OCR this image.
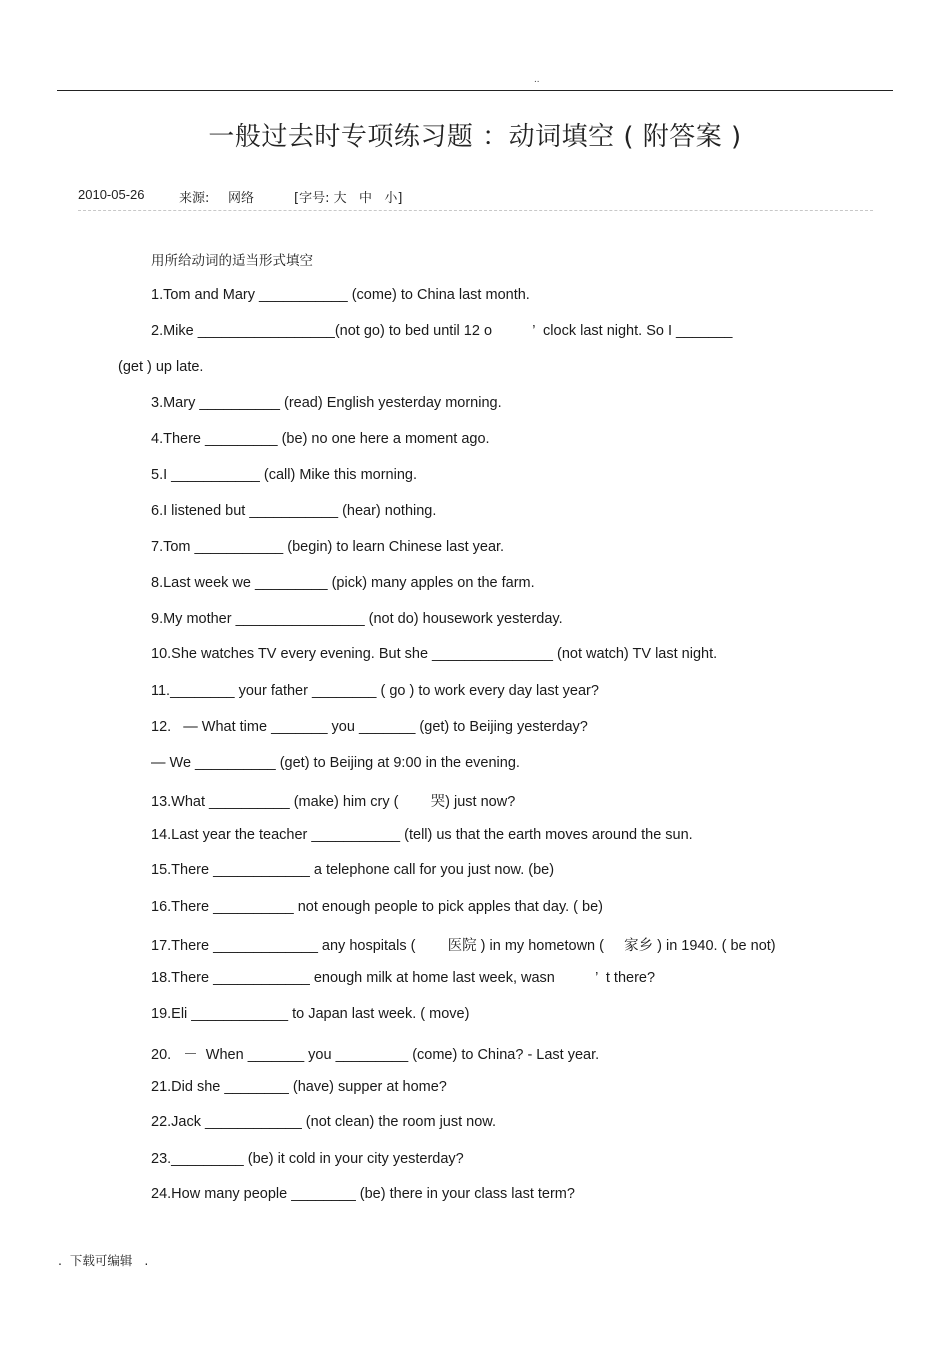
..
一般过去时专项练习题 ：动词填空 ( 附答案 )
2010-05-26	来源: 网络	[字号: 大   中   小]
用所给动词的适当形式填空
1.Tom and Mary ___________ (come) to China last month.
2.Mike _________________(not go) to bed until 12 o          ’  clock last night. So I _______
(get ) up late.
3.Mary __________ (read) English yesterday morning.
4.There _________ (be) no one here a moment ago.
5.I ___________ (call) Mike this morning.
6.I listened but ___________ (hear) nothing.
7.Tom ___________ (begin) to learn Chinese last year.
8.Last week we _________ (pick) many apples on the farm.
9.My mother ________________ (not do) housework yesterday.
10.She watches TV every evening. But she _______________ (not watch) TV last night.
11.________ your father ________ ( go ) to work every day last year?
12.   — What time _______ you _______ (get) to Beijing yesterday?
— We __________ (get) to Beijing at 9:00 in the evening.
13.What __________ (make) him cry (        哭) just now?
14.Last year the teacher ___________ (tell) us that the earth moves around the sun.
15.There ____________ a telephone call for you just now. (be)
16.There __________ not enough people to pick apples that day. ( be)
17.There _____________ any hospitals (        医院 ) in my hometown (     家乡 ) in 1940. ( be not)
18.There ____________ enough milk at home last week, wasn          ’  t there?
19.Eli ____________ to Japan last week. ( move)
20.   －  When _______ you _________ (come) to China? - Last year.
21.Did she ________ (have) supper at home?
22.Jack ____________ (not clean) the room just now.
23._________ (be) it cold in your city yesterday?
24.How many people ________ (be) there in your class last term?
.  下载可编辑   .
